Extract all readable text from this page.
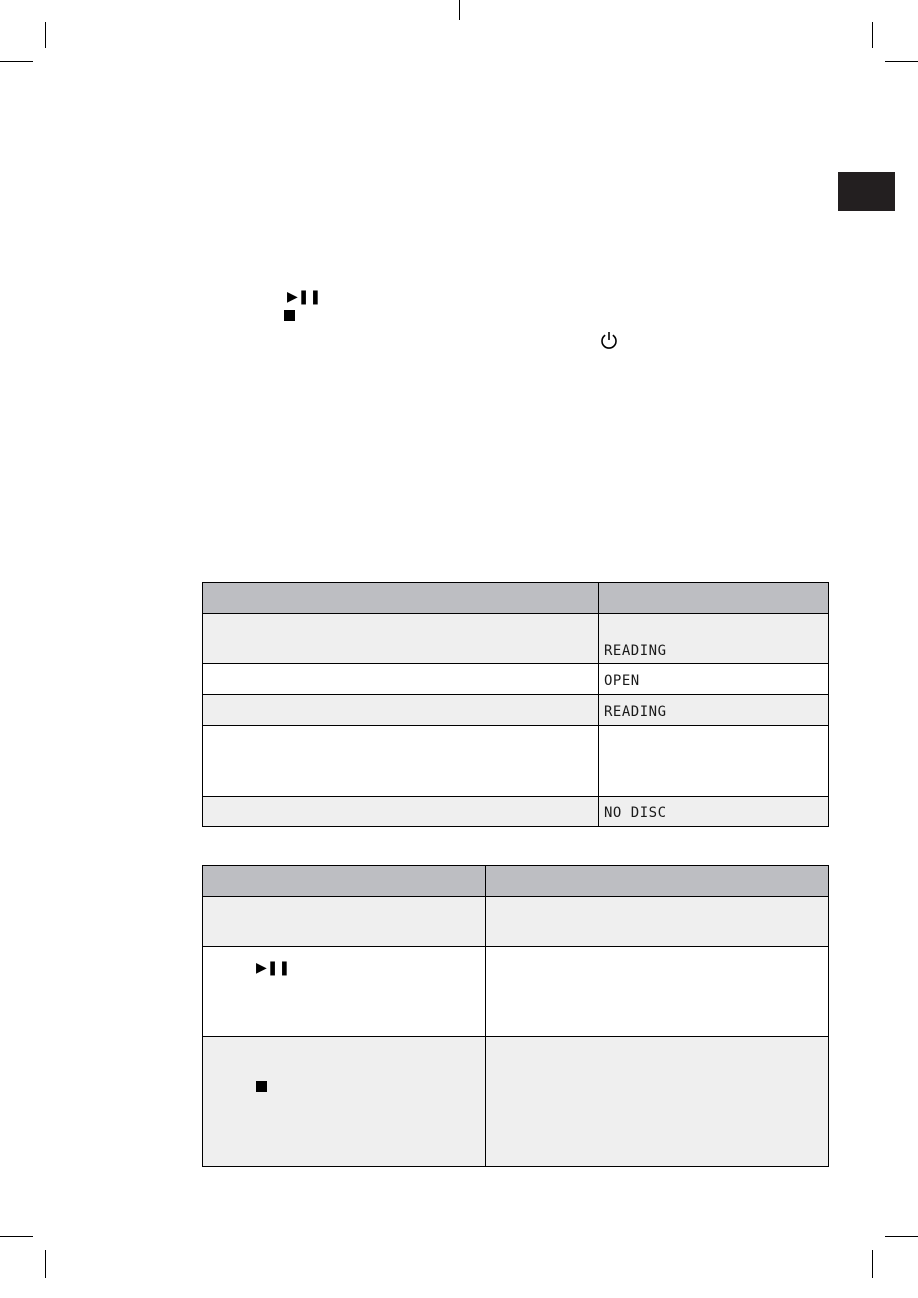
▶❚❚

	READING
	OPEN
	READING

	NO DISC

▶❚❚	
